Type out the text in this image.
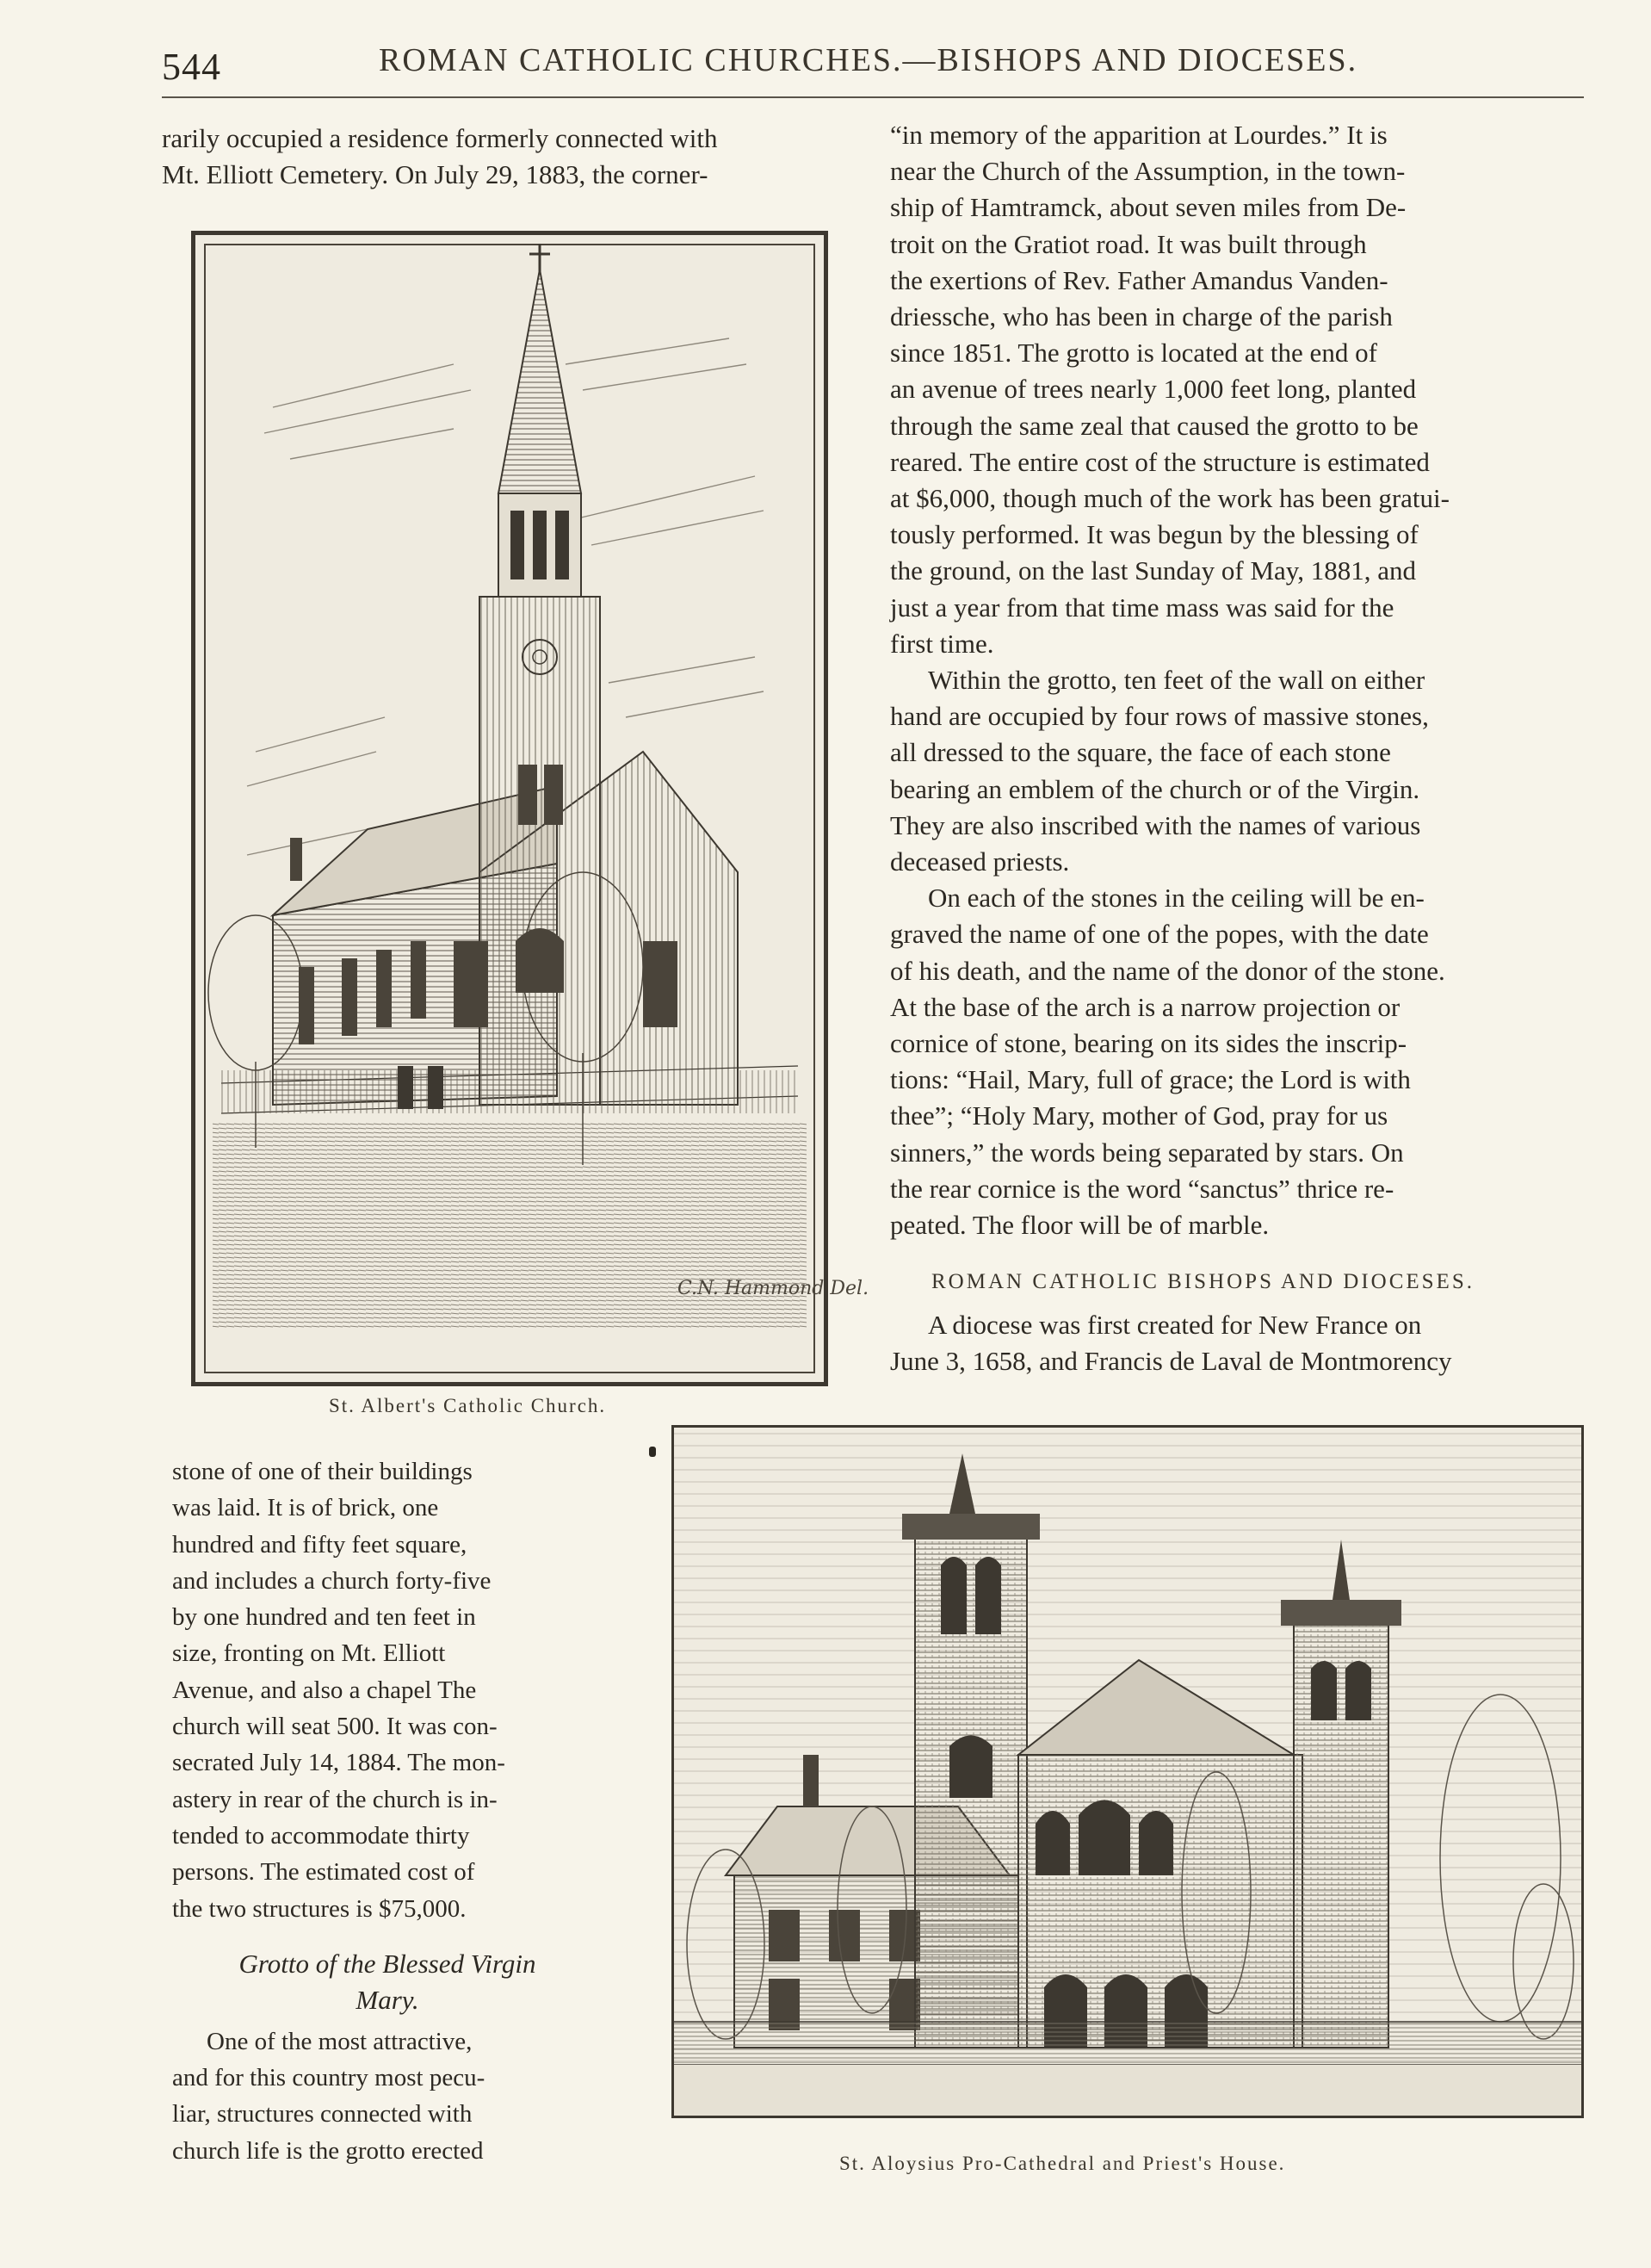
544	ROMAN CATHOLIC CHURCHES.—BISHOPS AND DIOCESES.
rarily occupied a residence formerly connected with
Mt. Elliott Cemetery. On July 29, 1883, the corner-
C.N. Hammond Del.
St. Albert's Catholic Church.

“in memory of the apparition at Lourdes.” It is
near the Church of the Assumption, in the town-
ship of Hamtramck, about seven miles from De-
troit on the Gratiot road. It was built through
the exertions of Rev. Father Amandus Vanden-
driessche, who has been in charge of the parish
since 1851. The grotto is located at the end of
an avenue of trees nearly 1,000 feet long, planted
through the same zeal that caused the grotto to be
reared. The entire cost of the structure is estimated
at $6,000, though much of the work has been gratui-
tously performed. It was begun by the blessing of
the ground, on the last Sunday of May, 1881, and
just a year from that time mass was said for the
first time.

Within the grotto, ten feet of the wall on either
hand are occupied by four rows of massive stones,
all dressed to the square, the face of each stone
bearing an emblem of the church or of the Virgin.
They are also inscribed with the names of various
deceased priests.

On each of the stones in the ceiling will be en-
graved the name of one of the popes, with the date
of his death, and the name of the donor of the stone.
At the base of the arch is a narrow projection or
cornice of stone, bearing on its sides the inscrip-
tions: “Hail, Mary, full of grace; the Lord is with
thee”; “Holy Mary, mother of God, pray for us
sinners,” the words being separated by stars. On
the rear cornice is the word “sanctus” thrice re-
peated. The floor will be of marble.

ROMAN CATHOLIC BISHOPS AND DIOCESES.
A diocese was first created for New France on
June 3, 1658, and Francis de Laval de Montmorency
stone of one of their buildings
was laid. It is of brick, one
hundred and fifty feet square,
and includes a church forty-five
by one hundred and ten feet in
size, fronting on Mt. Elliott
Avenue, and also a chapel The
church will seat 500. It was con-
secrated July 14, 1884. The mon-
astery in rear of the church is in-
tended to accommodate thirty
persons. The estimated cost of
the two structures is $75,000.
Grotto of the Blessed Virgin
Mary.
One of the most attractive,
and for this country most pecu-
liar, structures connected with
church life is the grotto erected	St. Aloysius Pro-Cathedral and Priest's House.
